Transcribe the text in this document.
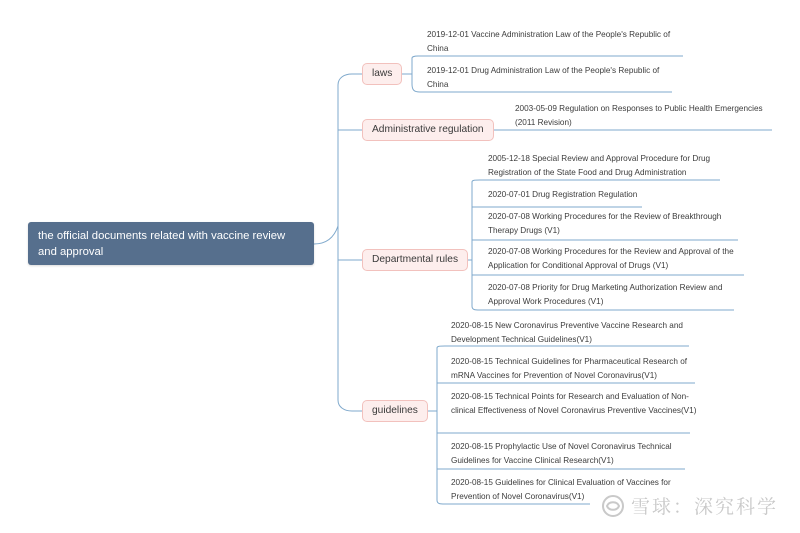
the official documents related with vaccine review and approval
laws
2019-12-01 Vaccine Administration Law of the People's Republic of China
2019-12-01 Drug Administration Law of the People's Republic of China
Administrative regulation
2003-05-09 Regulation on Responses to Public Health Emergencies (2011 Revision)
Departmental rules
2005-12-18 Special Review and Approval Procedure for Drug Registration of the State Food and Drug Administration
2020-07-01 Drug Registration Regulation
2020-07-08 Working Procedures for the Review of Breakthrough Therapy Drugs (V1)
2020-07-08 Working Procedures for the Review and Approval of the Application for Conditional Approval of Drugs (V1)
2020-07-08 Priority for Drug Marketing Authorization Review and Approval Work Procedures (V1)
guidelines
2020-08-15 New Coronavirus Preventive Vaccine Research and Development Technical Guidelines(V1)
2020-08-15 Technical Guidelines for Pharmaceutical Research of mRNA Vaccines for Prevention of Novel Coronavirus(V1)
2020-08-15 Technical Points for Research and Evaluation of Non-clinical Effectiveness of Novel Coronavirus Preventive Vaccines(V1)
2020-08-15 Prophylactic Use of Novel Coronavirus Technical Guidelines for Vaccine Clinical Research(V1)
2020-08-15 Guidelines for Clinical Evaluation of Vaccines for Prevention of Novel Coronavirus(V1)	雪球：深究科学
